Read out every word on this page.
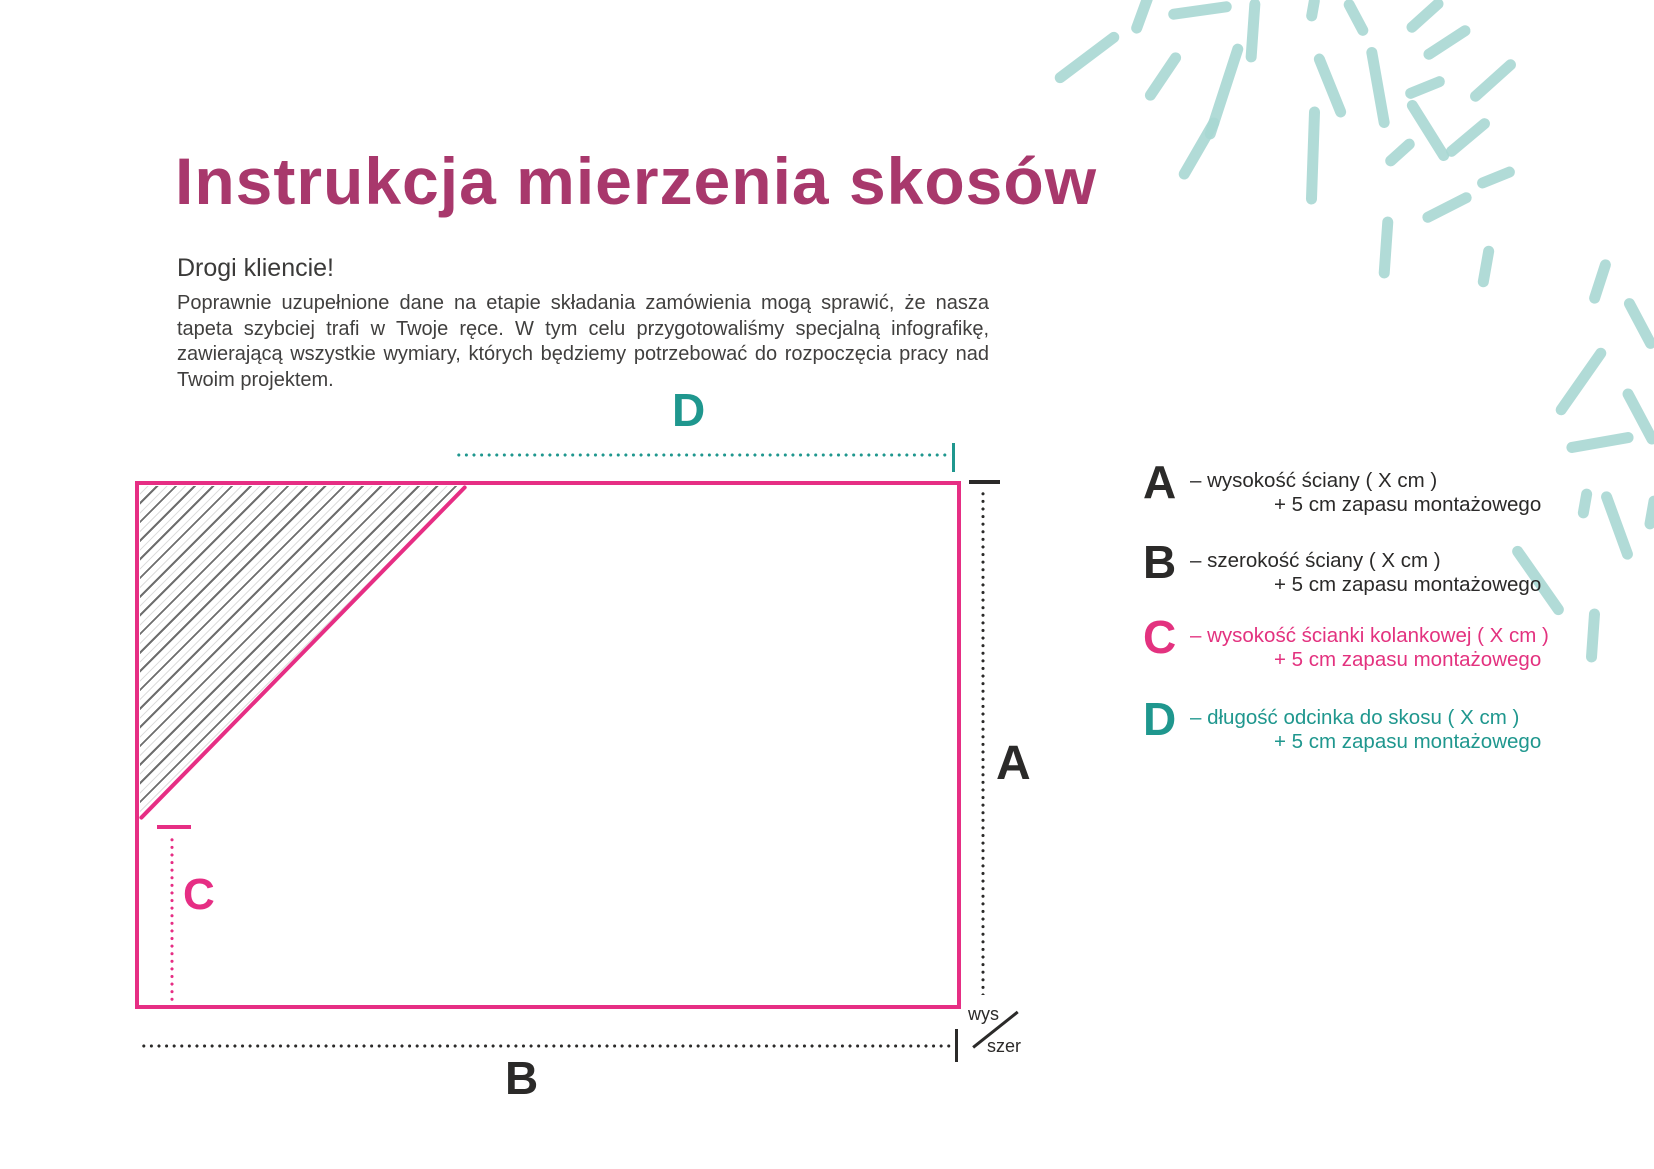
Instrukcja mierzenia skosów
Drogi kliencie!
Poprawnie uzupełnione dane na etapie składania zamówienia mogą sprawić, że nasza tapeta szybciej trafi w Twoje ręce. W tym celu przygotowaliśmy specjalną infografikę, zawierającą wszystkie wymiary, których będziemy potrzebować do rozpoczęcia pracy nad Twoim projektem.
D
A
B
C
wys
szer
A – wysokość ściany ( X cm )
+ 5 cm zapasu montażowego
B – szerokość ściany ( X cm )
+ 5 cm zapasu montażowego
C – wysokość ścianki kolankowej ( X cm )
+ 5 cm zapasu montażowego
D – długość odcinka do skosu ( X cm )
+ 5 cm zapasu montażowego
